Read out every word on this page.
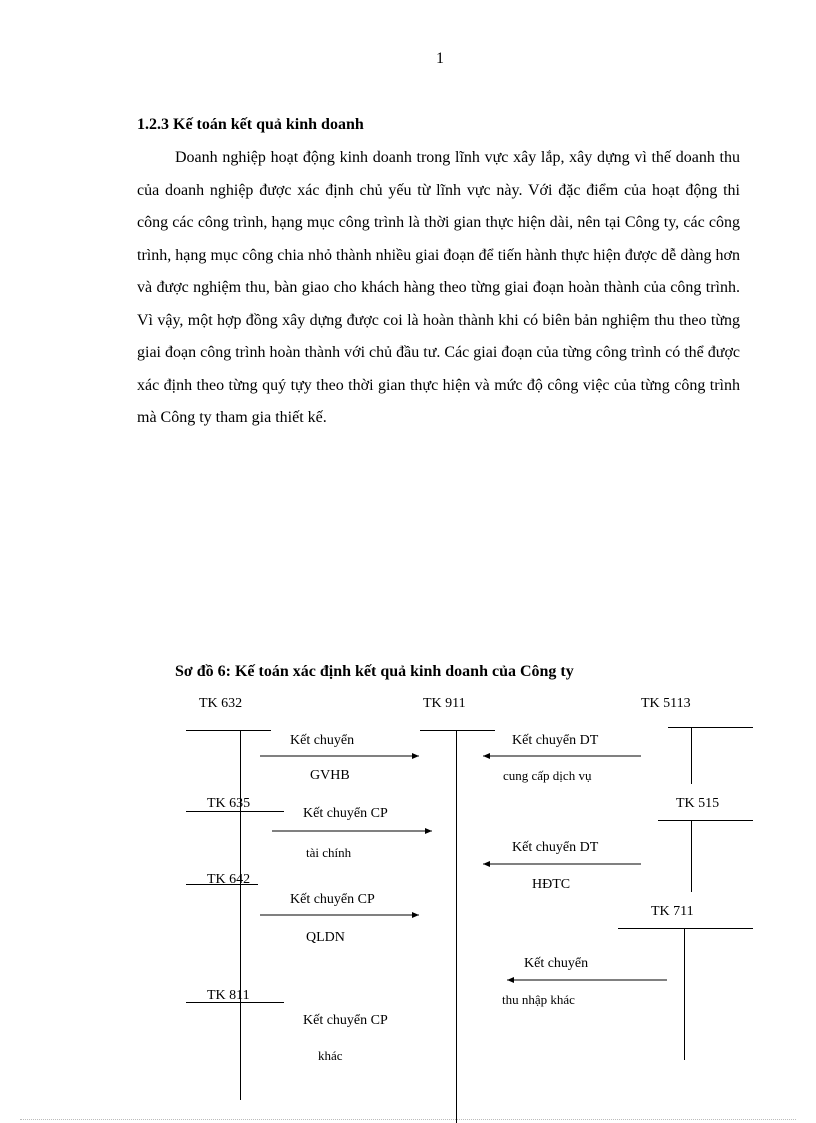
1
1.2.3 Kế toán kết quả kinh doanh

Doanh nghiệp hoạt động kinh doanh trong lĩnh vực xây lắp, xây dựng vì thế doanh thu của doanh nghiệp được xác định chủ yếu từ lĩnh vực này. Với đặc điểm của hoạt động thi công các công trình, hạng mục công trình là thời gian thực hiện dài, nên tại Công ty, các công trình, hạng mục công chia nhỏ thành nhiều giai đoạn để tiến hành thực hiện được dễ dàng hơn và được nghiệm thu, bàn giao cho khách hàng theo từng giai đoạn hoàn thành của công trình. Vì vậy, một hợp đồng xây dựng được coi là hoàn thành khi có biên bản nghiệm thu theo từng giai đoạn công trình hoàn thành với chủ đầu tư. Các giai đoạn của từng công trình có thể được xác định theo từng quý tựy theo thời gian thực hiện và mức độ công việc của từng công trình mà Công ty tham gia thiết kế.

Sơ đồ 6: Kế toán xác định kết quả kinh doanh của Công ty
TK 632	TK 911	TK 5113
TK 635	TK 515
TK 642
TK 711
TK 811
Kết chuyển
GVHB
Kết chuyển DT
cung cấp dịch vụ
Kết chuyển CP
tài chính	Kết chuyển DT
HĐTC
Kết chuyển CP
QLDN
Kết chuyển
thu nhập khác
Kết chuyển CP
khác
